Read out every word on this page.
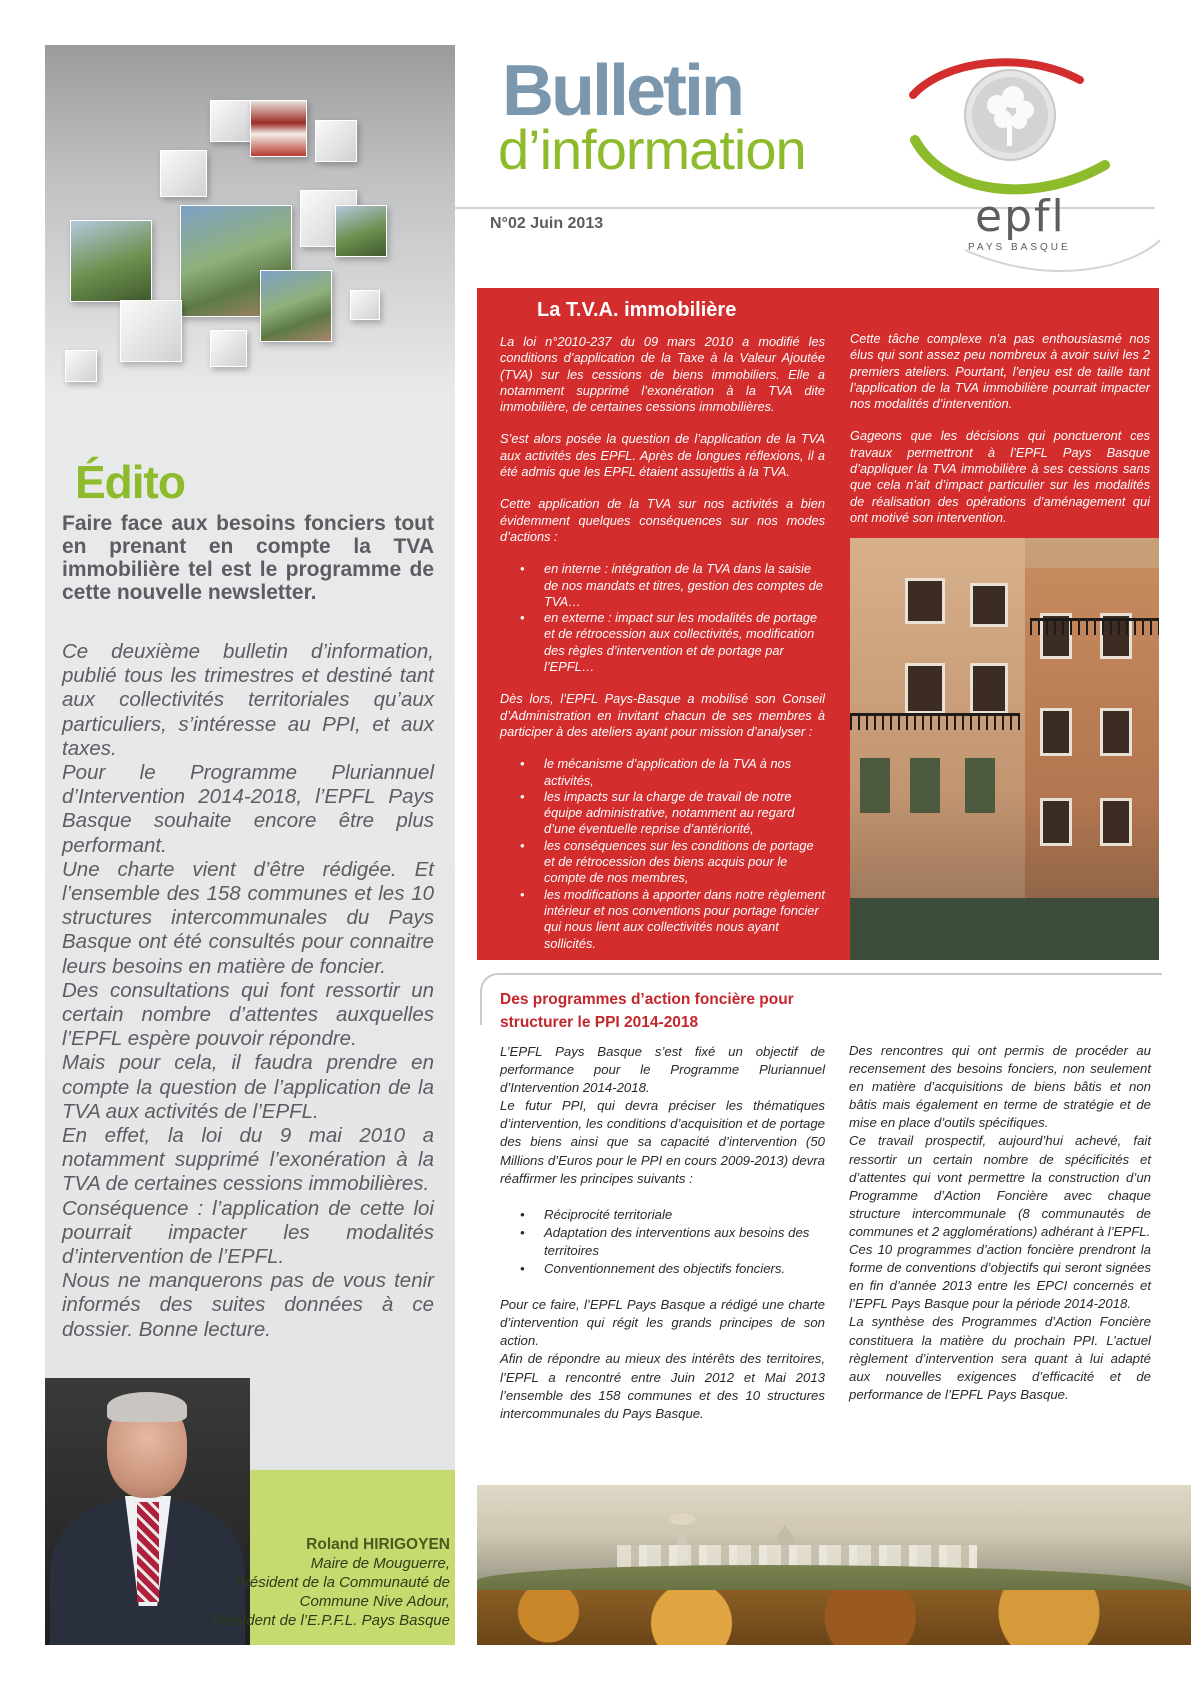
Édito
Faire face aux besoins fonciers tout en prenant en compte la TVA immobilière tel est le programme de cette nouvelle newsletter.

Ce deuxième bulletin d’information, publié tous les trimestres et destiné tant aux collectivités territoriales qu’aux particuliers, s’intéresse au PPI, et aux taxes.

Pour le Programme Pluriannuel d’Intervention 2014-2018, l’EPFL Pays Basque souhaite encore être plus performant.

Une charte vient d’être rédigée. Et l’ensemble des 158 communes et les 10 structures intercommunales du Pays Basque ont été consultés pour connaitre leurs besoins en matière de foncier.

Des consultations qui font ressortir un certain nombre d’attentes auxquelles l’EPFL espère pouvoir répondre.

Mais pour cela, il faudra prendre en compte la question de l’application de la TVA aux activités de l’EPFL.

En effet, la loi du 9 mai 2010 a notamment supprimé l’exonération à la TVA de certaines cessions immobilières.

Conséquence : l’application de cette loi pourrait impacter les modalités d’intervention de l’EPFL.

Nous ne manquerons pas de vous tenir informés des suites données à ce dossier. Bonne lecture.

Roland HIRIGOYEN
Maire de Mouguerre,
Président de la Communauté de
Commune Nive Adour,
Président de l’E.P.F.L. Pays Basque
Bulletin
d’information
N°02 Juin 2013	epfl
PAYS BASQUE
La T.V.A. immobilière

La loi n°2010-237 du 09 mars 2010 a modifié les conditions d’application de la Taxe à la Valeur Ajoutée (TVA) sur les cessions de biens immobiliers. Elle a notamment supprimé l’exonération à la TVA dite immobilière, de certaines cessions immobilières.

S’est alors posée la question de l’application de la TVA aux activités des EPFL. Après de longues réflexions, il a été admis que les EPFL étaient assujettis à la TVA.

Cette application de la TVA sur nos activités a bien évidemment quelques conséquences sur nos modes d’actions :

• en interne : intégration de la TVA dans la saisie de nos mandats et titres, gestion des comptes de TVA…
• en externe : impact sur les modalités de portage et de rétrocession aux collectivités, modification des règles d’intervention et de portage par l’EPFL…

Dès lors, l’EPFL Pays-Basque a mobilisé son Conseil d’Administration en invitant chacun de ses membres à participer à des ateliers ayant pour mission d’analyser :

• le mécanisme d’application de la TVA à nos activités,
• les impacts sur la charge de travail de notre équipe administrative, notamment au regard d’une éventuelle reprise d’antériorité,
• les conséquences sur les conditions de portage et de rétrocession des biens acquis pour le compte de nos membres,
• les modifications à apporter dans notre règlement intérieur et nos conventions pour portage foncier qui nous lient aux collectivités nous ayant sollicités.

Cette tâche complexe n’a pas enthousiasmé nos élus qui sont assez peu nombreux à avoir suivi les 2 premiers ateliers. Pourtant, l’enjeu est de taille tant l’application de la TVA immobilière pourrait impacter nos modalités d’intervention.

Gageons que les décisions qui ponctueront ces travaux permettront à l’EPFL Pays Basque d’appliquer la TVA immobilière à ses cessions sans que cela n’ait d’impact particulier sur les modalités de réalisation des opérations d’aménagement qui ont motivé son intervention.

Des programmes d’action foncière pour structurer le PPI 2014-2018

L’EPFL Pays Basque s’est fixé un objectif de performance pour le Programme Pluriannuel d’Intervention 2014-2018.

Le futur PPI, qui devra préciser les thématiques d’intervention, les conditions d’acquisition et de portage des biens ainsi que sa capacité d’intervention (50 Millions d’Euros pour le PPI en cours 2009-2013) devra réaffirmer les principes suivants :

• Réciprocité territoriale
• Adaptation des interventions aux besoins des territoires
• Conventionnement des objectifs fonciers.

Pour ce faire, l’EPFL Pays Basque a rédigé une charte d’intervention qui régit les grands principes de son action.

Afin de répondre au mieux des intérêts des territoires, l’EPFL a rencontré entre Juin 2012 et Mai 2013 l’ensemble des 158 communes et des 10 structures intercommunales du Pays Basque.

Des rencontres qui ont permis de procéder au recensement des besoins fonciers, non seulement en matière d’acquisitions de biens bâtis et non bâtis mais également en terme de stratégie et de mise en place d’outils spécifiques.

Ce travail prospectif, aujourd’hui achevé, fait ressortir un certain nombre de spécificités et d’attentes qui vont permettre la construction d’un Programme d’Action Foncière avec chaque structure intercommunale (8 communautés de communes et 2 agglomérations) adhérant à l’EPFL.

Ces 10 programmes d’action foncière prendront la forme de conventions d’objectifs qui seront signées en fin d’année 2013 entre les EPCI concernés et l’EPFL Pays Basque pour la période 2014-2018.

La synthèse des Programmes d’Action Foncière constituera la matière du prochain PPI. L’actuel règlement d’intervention sera quant à lui adapté aux nouvelles exigences d’efficacité et de performance de l’EPFL Pays Basque.
